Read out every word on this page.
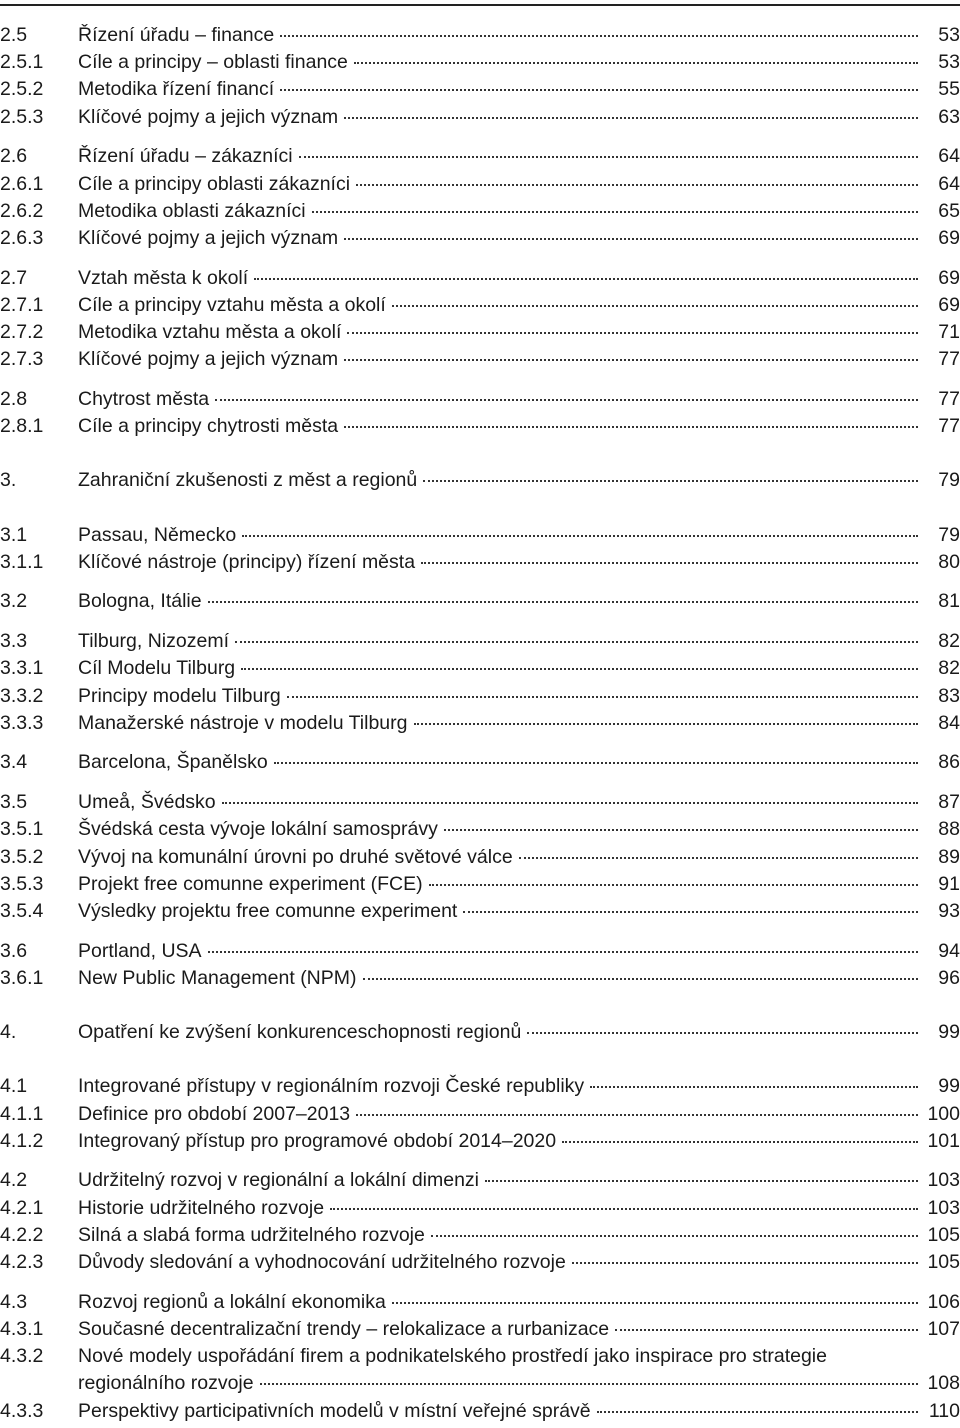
2.5	Řízení úřadu – finance	53
2.5.1	Cíle a principy – oblasti finance	53
2.5.2	Metodika řízení financí	55
2.5.3	Klíčové pojmy a jejich význam	63
2.6	Řízení úřadu – zákazníci	64
2.6.1	Cíle a principy oblasti zákazníci	64
2.6.2	Metodika oblasti zákazníci	65
2.6.3	Klíčové pojmy a jejich význam	69
2.7	Vztah města k okolí	69
2.7.1	Cíle a principy vztahu města a okolí	69
2.7.2	Metodika vztahu města a okolí	71
2.7.3	Klíčové pojmy a jejich význam	77
2.8	Chytrost města	77
2.8.1	Cíle a principy chytrosti města	77
3.	Zahraniční zkušenosti z měst a regionů	79
3.1	Passau, Německo	79
3.1.1	Klíčové nástroje (principy) řízení města	80
3.2	Bologna, Itálie	81
3.3	Tilburg, Nizozemí	82
3.3.1	Cíl Modelu Tilburg	82
3.3.2	Principy modelu Tilburg	83
3.3.3	Manažerské nástroje v modelu Tilburg	84
3.4	Barcelona, Španělsko	86
3.5	Umeå, Švédsko	87
3.5.1	Švédská cesta vývoje lokální samosprávy	88
3.5.2	Vývoj na komunální úrovni po druhé světové válce	89
3.5.3	Projekt free comunne experiment (FCE)	91
3.5.4	Výsledky projektu free comunne experiment	93
3.6	Portland, USA	94
3.6.1	New Public Management (NPM)	96
4.	Opatření ke zvýšení konkurenceschopnosti regionů	99
4.1	Integrované přístupy v regionálním rozvoji České republiky	99
4.1.1	Definice pro období 2007–2013	100
4.1.2	Integrovaný přístup pro programové období 2014–2020	101
4.2	Udržitelný rozvoj v regionální a lokální dimenzi	103
4.2.1	Historie udržitelného rozvoje	103
4.2.2	Silná a slabá forma udržitelného rozvoje	105
4.2.3	Důvody sledování a vyhodnocování udržitelného rozvoje	105
4.3	Rozvoj regionů a lokální ekonomika	106
4.3.1	Současné decentralizační trendy – relokalizace a rurbanizace	107
4.3.2	Nové modely uspořádání firem a podnikatelského prostředí jako inspirace pro strategie
regionálního rozvoje	108
4.3.3	Perspektivy participativních modelů v místní veřejné správě	110
